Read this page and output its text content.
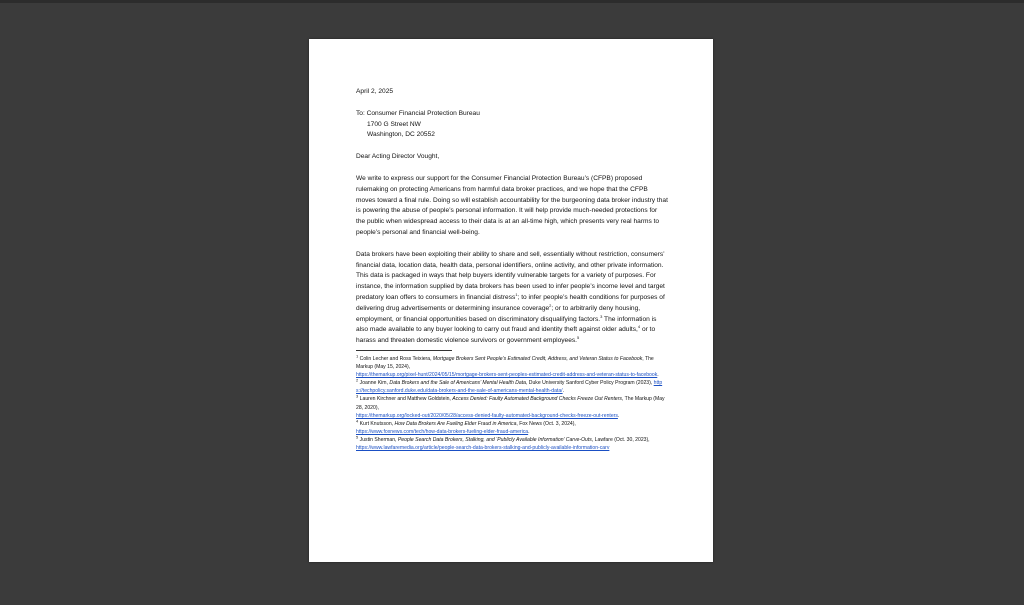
April 2, 2025

To: Consumer Financial Protection Bureau

1700 G Street NW

Washington, DC 20552

Dear Acting Director Vought,

We write to express our support for the Consumer Financial Protection Bureau’s (CFPB) proposed rulemaking on protecting Americans from harmful data broker practices, and we hope that the CFPB moves toward a final rule. Doing so will establish accountability for the burgeoning data broker industry that is powering the abuse of people’s personal information. It will help provide much-needed protections for the public when widespread access to their data is at an all-time high, which presents very real harms to people’s personal and financial well-being.

Data brokers have been exploiting their ability to share and sell, essentially without restriction, consumers’ financial data, location data, health data, personal identifiers, online activity, and other private information. This data is packaged in ways that help buyers identify vulnerable targets for a variety of purposes. For instance, the information supplied by data brokers has been used to infer people’s income level and target predatory loan offers to consumers in financial distress$^1$; to infer people’s health conditions for purposes of delivering drug advertisements or determining insurance coverage$^2$; or to arbitrarily deny housing, employment, or financial opportunities based on discriminatory disqualifying factors.$^3$ The information is also made available to any buyer looking to carry out fraud and identity theft against older adults,$^4$ or to harass and threaten domestic violence survivors or government employees.$^5$

$^1$ Colin Lecher and Ross Teixiera, Mortgage Brokers Sent People’s Estimated Credit, Address, and Veteran Status to Facebook, The Markup (May 15, 2024),
https://themarkup.org/pixel-hunt/2024/05/15/mortgage-brokers-sent-peoples-estimated-credit-address-and-veteran-status-to-facebook.

$^2$ Joanne Kim, Data Brokers and the Sale of Americans’ Mental Health Data, Duke University Sanford Cyber Policy Program (2023), https://techpolicy.sanford.duke.edu/data-brokers-and-the-sale-of-americans-mental-health-data/.

$^3$ Lauren Kirchner and Matthew Goldstein, Access Denied: Faulty Automated Background Checks Freeze Out Renters, The Markup (May 28, 2020),
https://themarkup.org/locked-out/2020/05/28/access-denied-faulty-automated-background-checks-freeze-out-renters.

$^4$ Kurt Knutsson, How Data Brokers Are Fueling Elder Fraud in America, Fox News (Oct. 3, 2024),
https://www.foxnews.com/tech/how-data-brokers-fueling-elder-fraud-america.

$^5$ Justin Sherman, People Search Data Brokers, Stalking, and ‘Publicly Available Information’ Carve-Outs, Lawfare (Oct. 30, 2023),
https://www.lawfaremedia.org/article/people-search-data-brokers-stalking-and-publicly-available-information-carv
